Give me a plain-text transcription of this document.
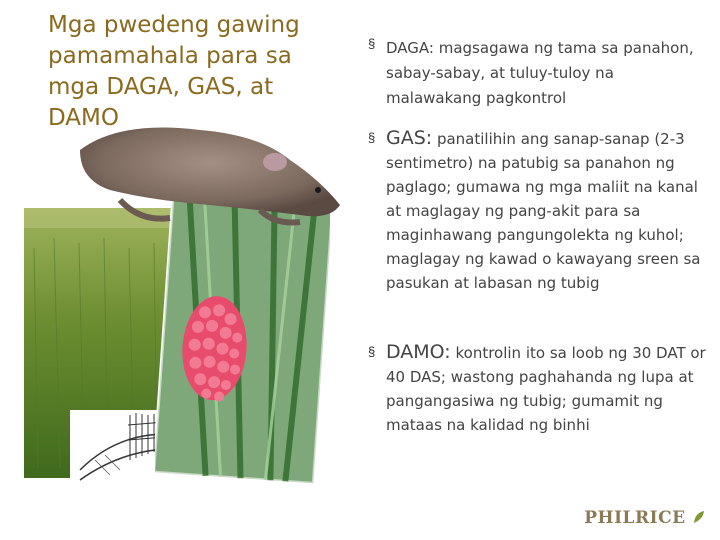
Mga pwedeng gawing pamamahala para sa mga DAGA, GAS, at DAMO
§ DAGA: magsagawa ng tama sa panahon, sabay-sabay, at tuluy-tuloy na malawakang pagkontrol
§ GAS: panatilihin ang sanap-sanap (2-3 sentimetro) na patubig sa panahon ng paglago; gumawa ng mga maliit na kanal at maglagay ng pang-akit para sa maginhawang pangungolekta ng kuhol; maglagay ng kawad o kawayang sreen sa pasukan at labasan ng tubig
§ DAMO: kontrolin ito sa loob ng 30 DAT or 40 DAS; wastong paghahanda ng lupa at pangangasiwa ng tubig; gumamit ng mataas na kalidad ng binhi
PHILRICE
